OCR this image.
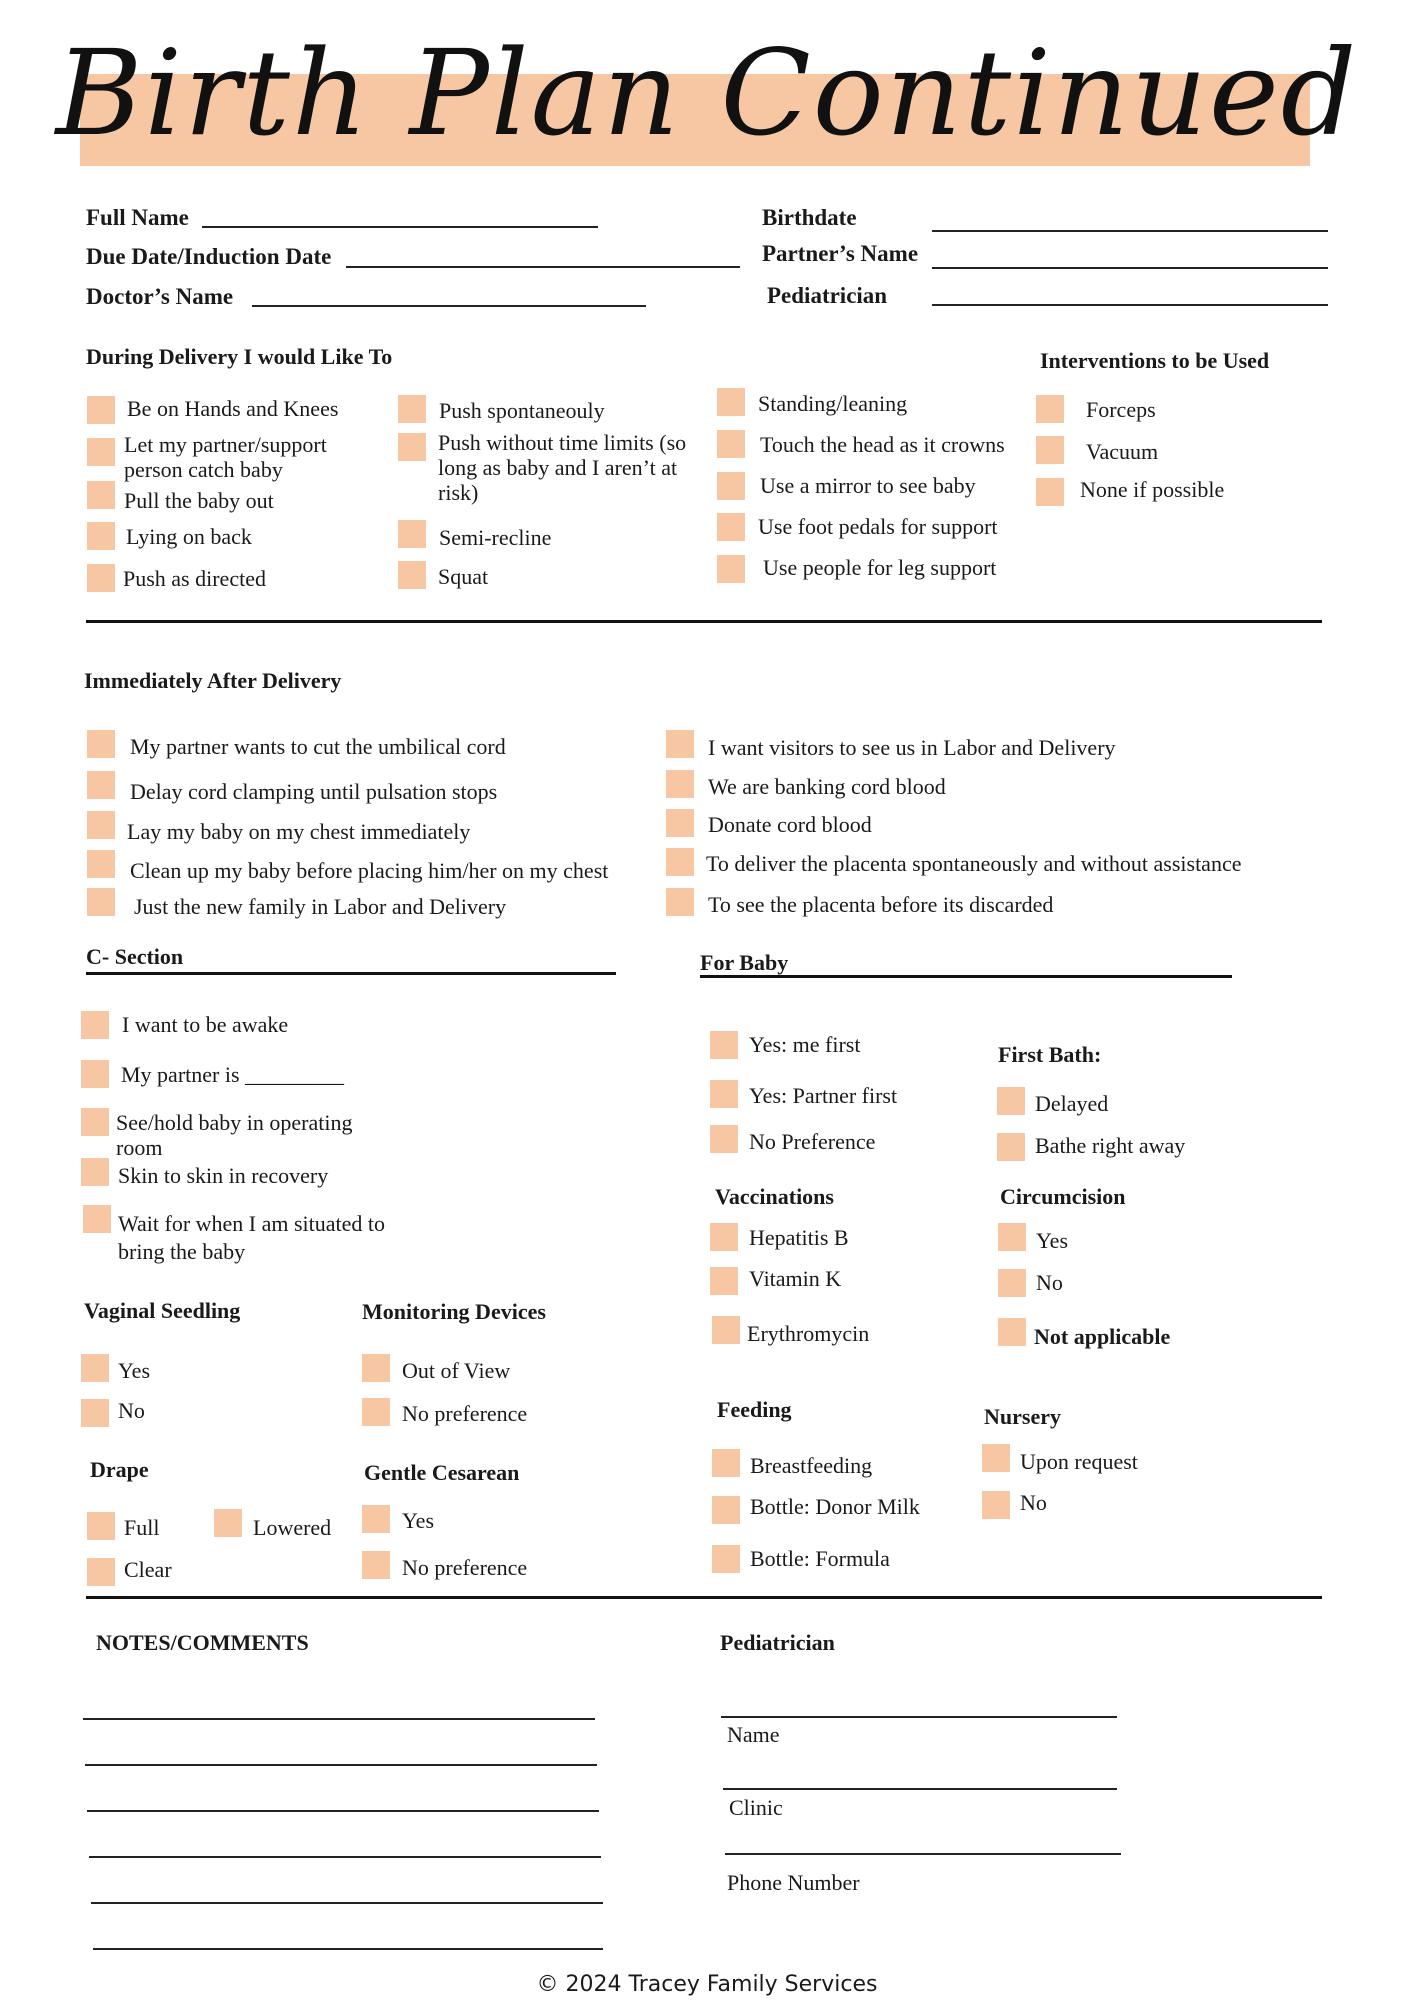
Birth Plan Continued
Full Name
Due Date/Induction Date
Doctor’s Name
Birthdate
Partner’s Name
Pediatrician
During Delivery I would Like To
Be on Hands and Knees
Let my partner/support person catch baby
Pull the baby out
Lying on back
Push as directed
Push spontaneouly
Push without time limits (so long as baby and I aren’t at risk)
Semi-recline
Squat
Standing/leaning
Touch the head as it crowns
Use a mirror to see baby
Use foot pedals for support
Use people for leg support
Interventions to be Used
Forceps
Vacuum
None if possible
Immediately After Delivery
My partner wants to cut the umbilical cord
Delay cord clamping until pulsation stops
Lay my baby on my chest immediately
Clean up my baby before placing him/her on my chest
Just the new family in Labor and Delivery
I want visitors to see us in Labor and Delivery
We are banking cord blood
Donate cord blood
To deliver the placenta spontaneously and without assistance
To see the placenta before its discarded
C- Section
I want to be awake
My partner is _________
See/hold baby in operating room
Skin to skin in recovery
Wait for when I am situated to bring the baby
Vaginal Seedling
Yes
No
Monitoring Devices
Out of View
No preference
Drape
Full	Lowered
Clear
Gentle Cesarean
Yes
No preference
For Baby
Yes: me first
Yes: Partner first
No Preference
First Bath:
Delayed
Bathe right away
Vaccinations
Hepatitis B
Vitamin K
Erythromycin
Circumcision
Yes
No
Not applicable
Feeding
Breastfeeding
Bottle: Donor Milk
Bottle: Formula
Nursery
Upon request
No
NOTES/COMMENTS	Pediatrician
Name
Clinic
Phone Number
© 2024 Tracey Family Services
